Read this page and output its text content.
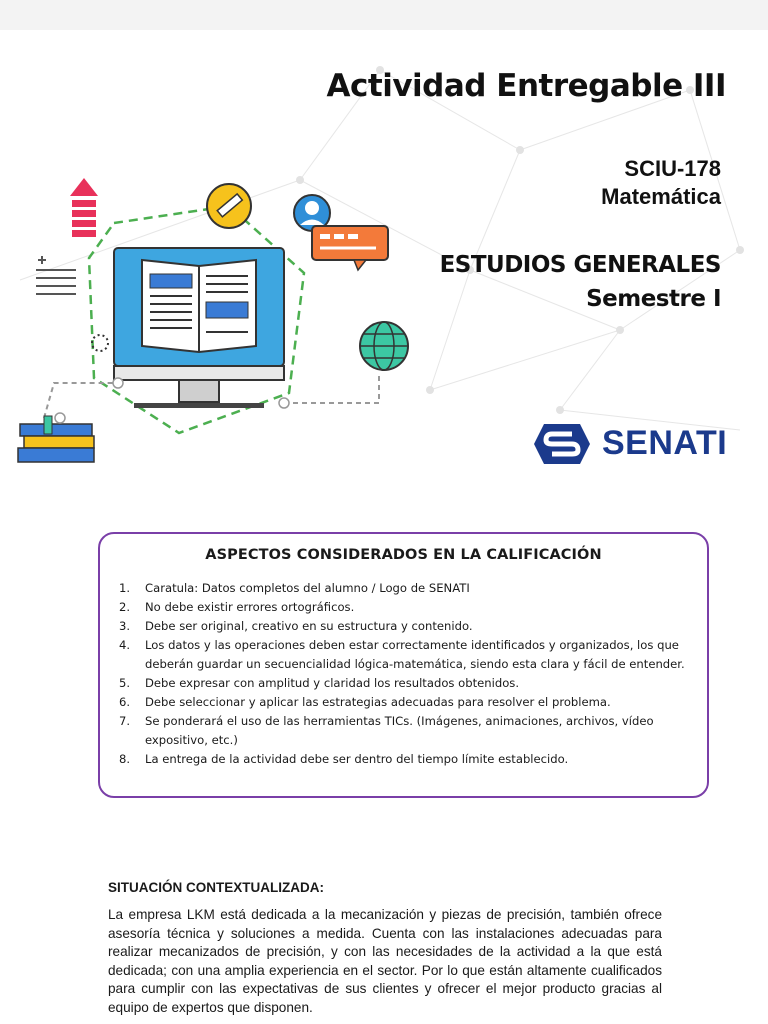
Actividad Entregable III
SCIU-178
Matemática
ESTUDIOS GENERALES
Semestre I
SENATI
ASPECTOS CONSIDERADOS EN LA CALIFICACIÓN
1.	Caratula: Datos completos del alumno / Logo de SENATI
2.	No debe existir errores ortográficos.
3.	Debe ser original, creativo en su estructura y contenido.
4.	Los datos y las operaciones deben estar correctamente identificados y organizados, los que deberán guardar un secuencialidad lógica-matemática, siendo esta clara y fácil de entender.
5.	Debe expresar con amplitud y claridad los resultados obtenidos.
6.	Debe seleccionar y aplicar las estrategias adecuadas para resolver el problema.
7.	Se ponderará el uso de las herramientas TICs. (Imágenes, animaciones, archivos, vídeo expositivo, etc.)
8.	La entrega de la actividad debe ser dentro del tiempo límite establecido.
SITUACIÓN CONTEXTUALIZADA:
La empresa LKM está dedicada a la mecanización y piezas de precisión, también ofrece asesoría técnica y soluciones a medida. Cuenta con las instalaciones adecuadas para realizar mecanizados de precisión, y con las necesidades de la actividad a la que está dedicada; con una amplia experiencia en el sector. Por lo que están altamente cualificados para cumplir con las expectativas de sus clientes y ofrecer el mejor producto gracias al equipo de expertos que disponen.
